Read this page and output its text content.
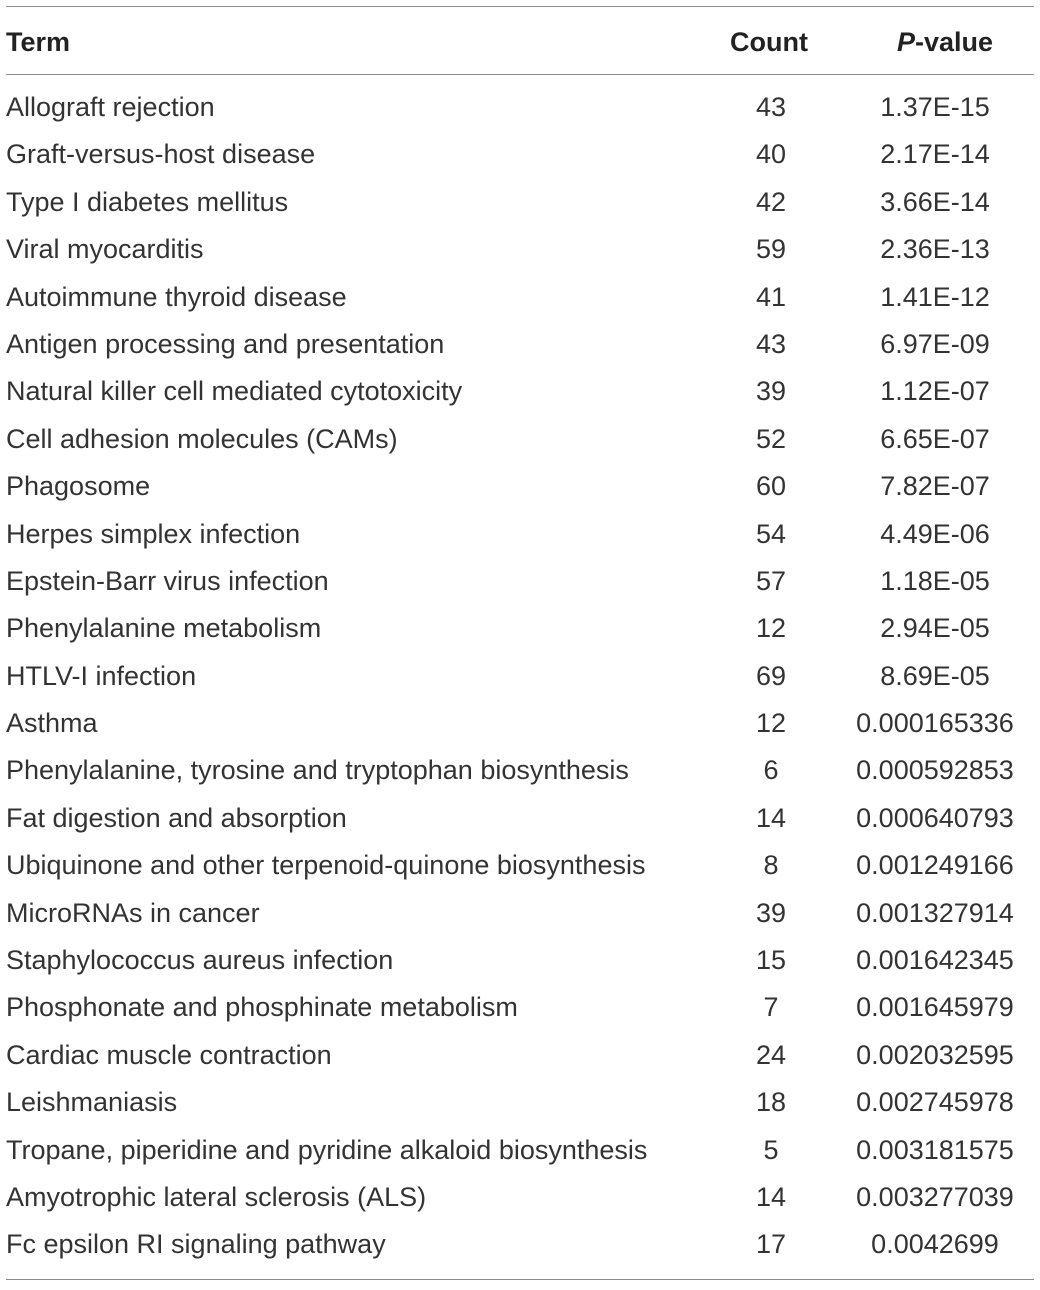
Term	Count	P-value
Allograft rejection	43	1.37E-15
Graft-versus-host disease	40	2.17E-14
Type I diabetes mellitus	42	3.66E-14
Viral myocarditis	59	2.36E-13
Autoimmune thyroid disease	41	1.41E-12
Antigen processing and presentation	43	6.97E-09
Natural killer cell mediated cytotoxicity	39	1.12E-07
Cell adhesion molecules (CAMs)	52	6.65E-07
Phagosome	60	7.82E-07
Herpes simplex infection	54	4.49E-06
Epstein-Barr virus infection	57	1.18E-05
Phenylalanine metabolism	12	2.94E-05
HTLV-I infection	69	8.69E-05
Asthma	12	0.000165336
Phenylalanine, tyrosine and tryptophan biosynthesis	6	0.000592853
Fat digestion and absorption	14	0.000640793
Ubiquinone and other terpenoid-quinone biosynthesis	8	0.001249166
MicroRNAs in cancer	39	0.001327914
Staphylococcus aureus infection	15	0.001642345
Phosphonate and phosphinate metabolism	7	0.001645979
Cardiac muscle contraction	24	0.002032595
Leishmaniasis	18	0.002745978
Tropane, piperidine and pyridine alkaloid biosynthesis	5	0.003181575
Amyotrophic lateral sclerosis (ALS)	14	0.003277039
Fc epsilon RI signaling pathway	17	0.0042699
